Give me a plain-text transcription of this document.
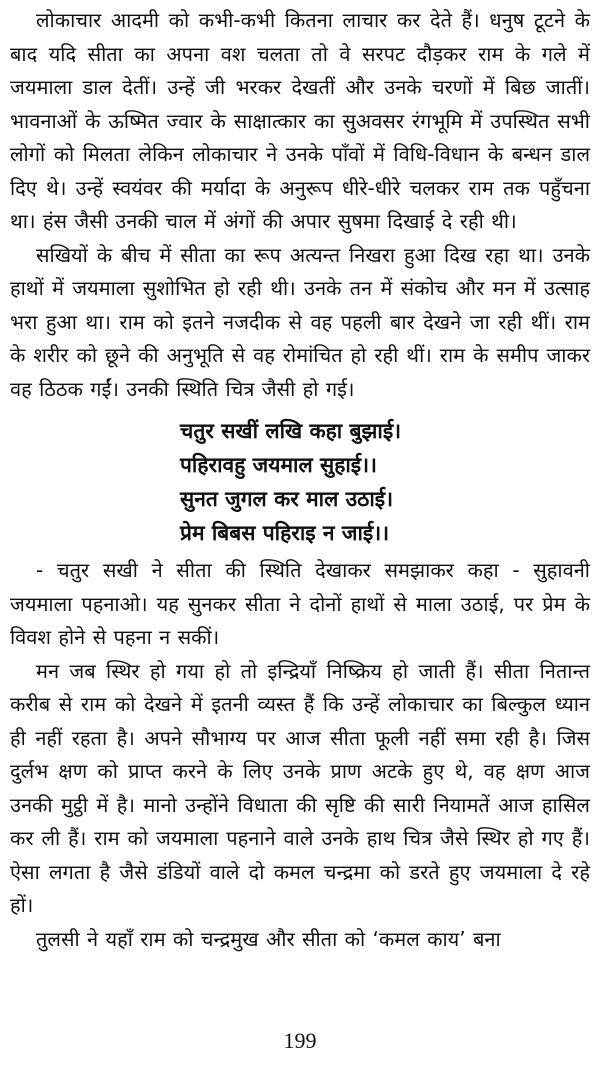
लोकाचार आदमी को कभी-कभी कितना लाचार कर देते हैं। धनुष टूटने के बाद यदि सीता का अपना वश चलता तो वे सरपट दौड़कर राम के गले में जयमाला डाल देतीं। उन्हें जी भरकर देखतीं और उनके चरणों में बिछ जातीं। भावनाओं के ऊष्मित ज्वार के साक्षात्कार का सुअवसर रंगभूमि में उपस्थित सभी लोगों को मिलता लेकिन लोकाचार ने उनके पाँवों में विधि-विधान के बन्धन डाल दिए थे। उन्हें स्वयंवर की मर्यादा के अनुरूप धीरे-धीरे चलकर राम तक पहुँचना था। हंस जैसी उनकी चाल में अंगों की अपार सुषमा दिखाई दे रही थी।

सखियों के बीच में सीता का रूप अत्यन्त निखरा हुआ दिख रहा था। उनके हाथों में जयमाला सुशोभित हो रही थी। उनके तन में संकोच और मन में उत्साह भरा हुआ था। राम को इतने नजदीक से वह पहली बार देखने जा रही थीं। राम के शरीर को छूने की अनुभूति से वह रोमांचित हो रही थीं। राम के समीप जाकर वह ठिठक गईं। उनकी स्थिति चित्र जैसी हो गई।

चतुर सखीं लखि कहा बुझाई।
पहिरावहु जयमाल सुहाई।।
सुनत जुगल कर माल उठाई।
प्रेम बिबस पहिराइ न जाई।।

- चतुर सखी ने सीता की स्थिति देखाकर समझाकर कहा - सुहावनी जयमाला पहनाओ। यह सुनकर सीता ने दोनों हाथों से माला उठाई, पर प्रेम के विवश होने से पहना न सकीं।

मन जब स्थिर हो गया हो तो इन्द्रियाँ निष्क्रिय हो जाती हैं। सीता नितान्त करीब से राम को देखने में इतनी व्यस्त हैं कि उन्हें लोकाचार का बिल्कुल ध्यान ही नहीं रहता है। अपने सौभाग्य पर आज सीता फूली नहीं समा रही है। जिस दुर्लभ क्षण को प्राप्त करने के लिए उनके प्राण अटके हुए थे, वह क्षण आज उनकी मुट्ठी में है। मानो उन्होंने विधाता की सृष्टि की सारी नियामतें आज हासिल कर ली हैं। राम को जयमाला पहनाने वाले उनके हाथ चित्र जैसे स्थिर हो गए हैं। ऐसा लगता है जैसे डंडियों वाले दो कमल चन्द्रमा को डरते हुए जयमाला दे रहे हों।

तुलसी ने यहाँ राम को चन्द्रमुख और सीता को ‘कमल काय’ बना

199
